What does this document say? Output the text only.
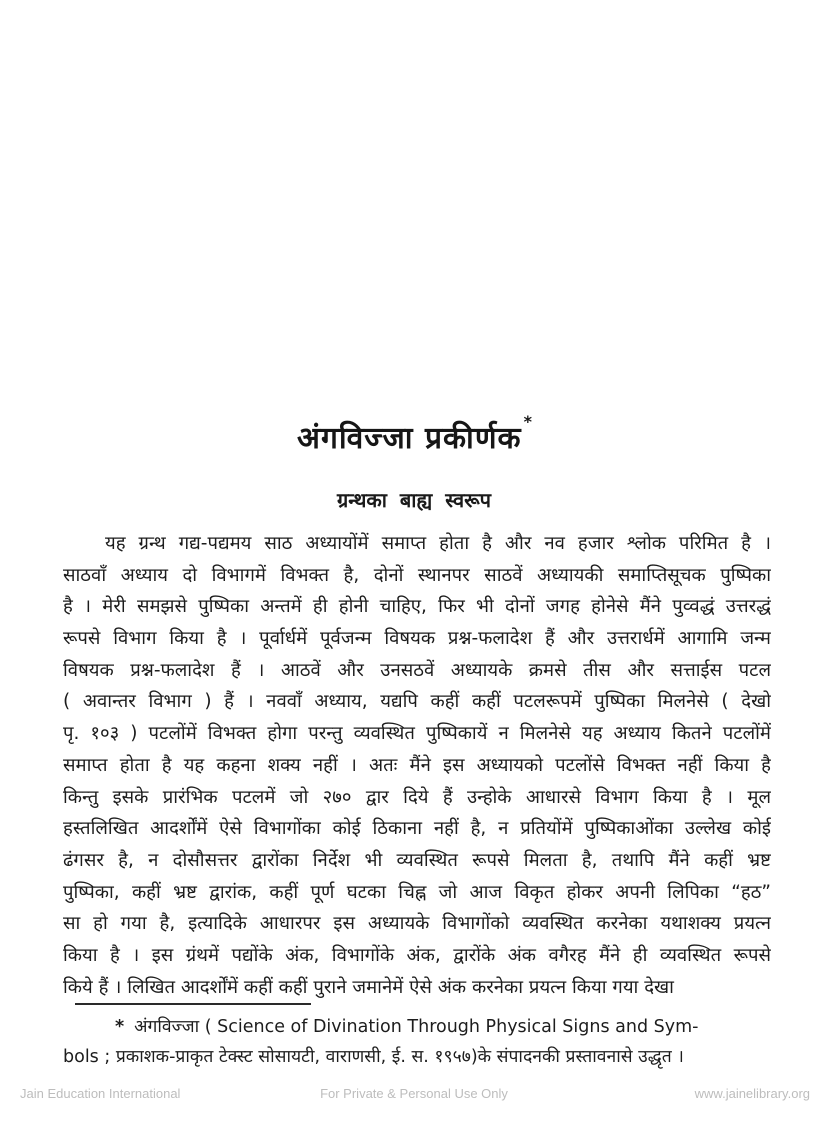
अंगविज्जा प्रकीर्णक *
ग्रन्थका बाह्य स्वरूप
यह ग्रन्थ गद्य-पद्यमय साठ अध्यायोंमें समाप्त होता है और नव हजार श्लोक परिमित है ।
साठवाँ अध्याय दो विभागमें विभक्त है, दोनों स्थानपर साठवें अध्यायकी समाप्तिसूचक पुष्पिका
है । मेरी समझसे पुष्पिका अन्तमें ही होनी चाहिए, फिर भी दोनों जगह होनेसे मैंने पुव्वद्धं उत्तरद्धं
रूपसे विभाग किया है । पूर्वार्धमें पूर्वजन्म विषयक प्रश्न-फलादेश हैं और उत्तरार्धमें आगामि जन्म
विषयक प्रश्न-फलादेश हैं । आठवें और उनसठवें अध्यायके क्रमसे तीस और सत्ताईस पटल
( अवान्तर विभाग ) हैं । नववाँ अध्याय, यद्यपि कहीं कहीं पटलरूपमें पुष्पिका मिलनेसे ( देखो
पृ. १०३ ) पटलोंमें विभक्त होगा परन्तु व्यवस्थित पुष्पिकायें न मिलनेसे यह अध्याय कितने पटलोंमें
समाप्त होता है यह कहना शक्य नहीं । अतः मैंने इस अध्यायको पटलोंसे विभक्त नहीं किया है
किन्तु इसके प्रारंभिक पटलमें जो २७० द्वार दिये हैं उन्होके आधारसे विभाग किया है । मूल
हस्तलिखित आदर्शोंमें ऐसे विभागोंका कोई ठिकाना नहीं है, न प्रतियोंमें पुष्पिकाओंका उल्लेख कोई
ढंगसर है, न दोसौसत्तर द्वारोंका निर्देश भी व्यवस्थित रूपसे मिलता है, तथापि मैंने कहीं भ्रष्ट
पुष्पिका, कहीं भ्रष्ट द्वारांक, कहीं पूर्ण घटका चिह्न जो आज विकृत होकर अपनी लिपिका “हठ”
सा हो गया है, इत्यादिके आधारपर इस अध्यायके विभागोंको व्यवस्थित करनेका यथाशक्य प्रयत्न
किया है । इस ग्रंथमें पद्योंके अंक, विभागोंके अंक, द्वारोंके अंक वगैरह मैंने ही व्यवस्थित रूपसे
किये हैं । लिखित आदर्शोंमें कहीं कहीं पुराने जमानेमें ऐसे अंक करनेका प्रयत्न किया गया देखा
* अंगविज्जा ( Science of Divination Through Physical Signs and Sym-
bols ; प्रकाशक-प्राकृत टेक्स्ट सोसायटी, वाराणसी, ई. स. १९५७)के संपादनकी प्रस्तावनासे उद्धृत ।
Jain Education International	For Private & Personal Use Only	www.jainelibrary.org
